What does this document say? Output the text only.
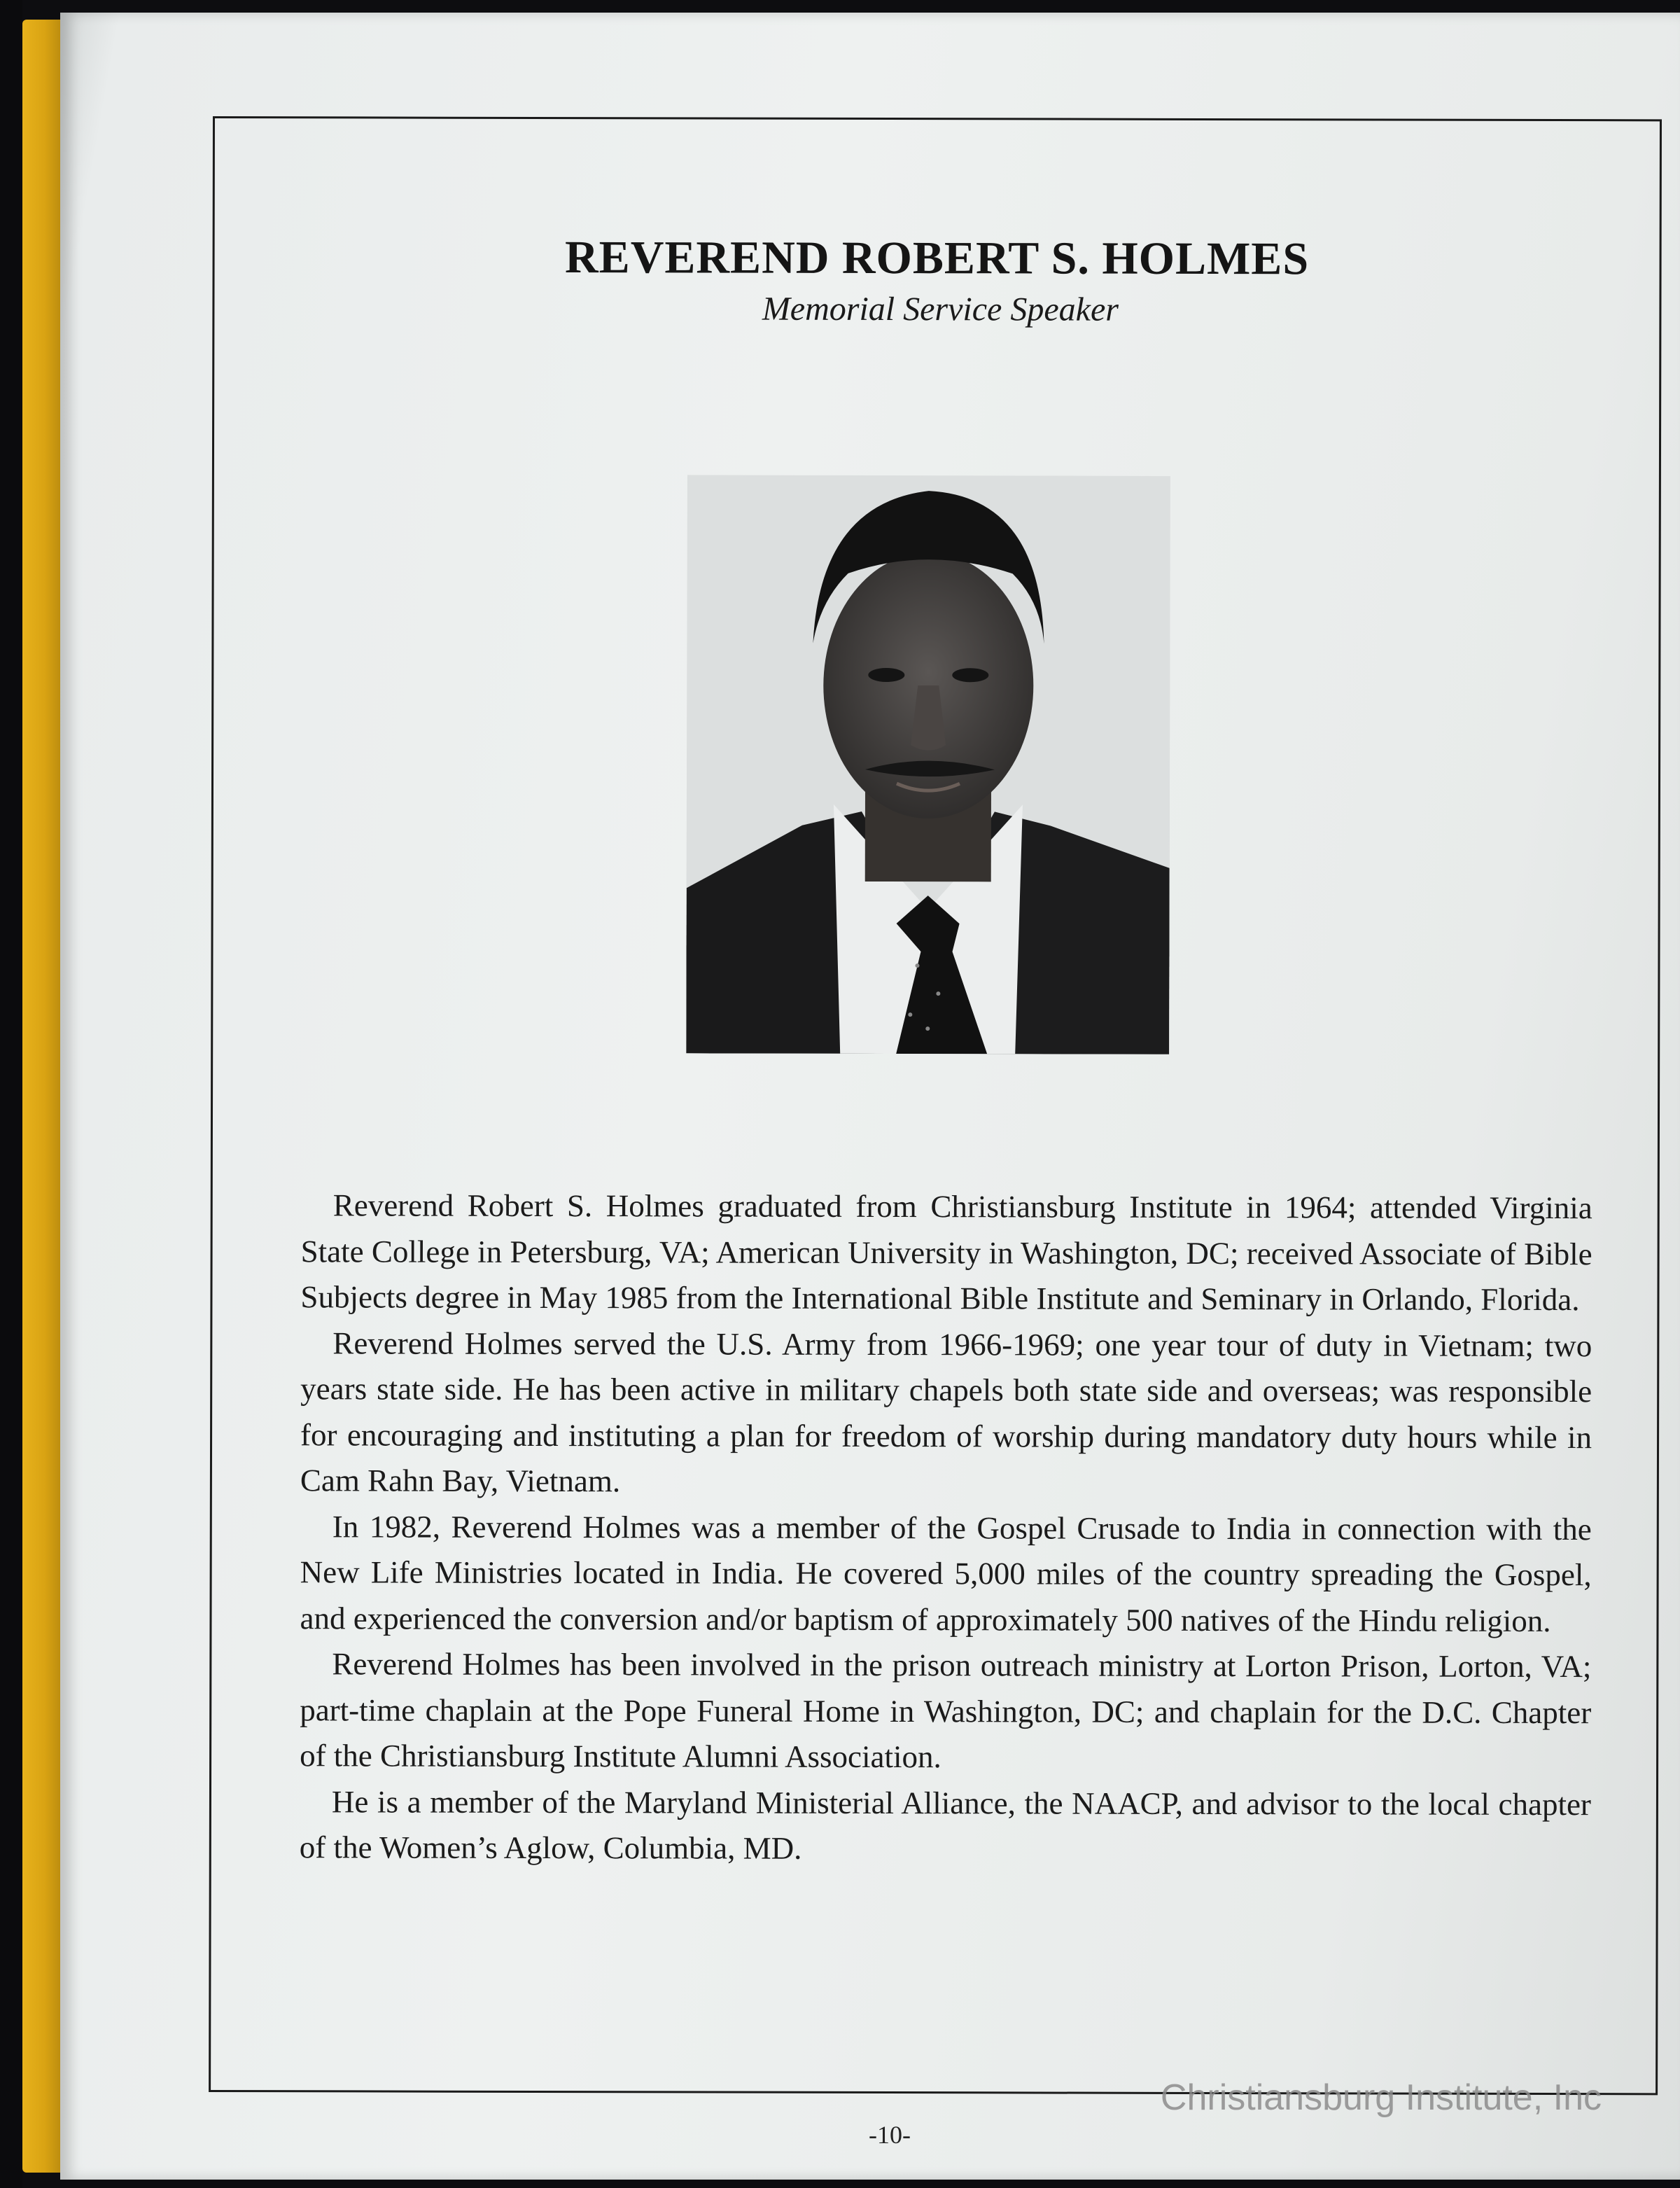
REVEREND ROBERT S. HOLMES
Memorial Service Speaker

Reverend Robert S. Holmes graduated from Christiansburg Institute in 1964; attended Virginia State College in Petersburg, VA; American University in Washington, DC; received Associate of Bible Subjects degree in May 1985 from the International Bible Institute and Seminary in Orlando, Florida.

Reverend Holmes served the U.S. Army from 1966-1969; one year tour of duty in Vietnam; two years state side. He has been active in military chapels both state side and overseas; was responsible for encouraging and instituting a plan for freedom of worship during mandatory duty hours while in Cam Rahn Bay, Vietnam.

In 1982, Reverend Holmes was a member of the Gospel Crusade to India in connection with the New Life Ministries located in India. He covered 5,000 miles of the country spreading the Gospel, and experienced the conversion and/or baptism of approximately 500 natives of the Hindu religion.

Reverend Holmes has been involved in the prison outreach ministry at Lorton Prison, Lorton, VA; part-time chaplain at the Pope Funeral Home in Washington, DC; and chaplain for the D.C. Chapter of the Christiansburg Institute Alumni Association.

He is a member of the Maryland Ministerial Alliance, the NAACP, and advisor to the local chapter of the Women’s Aglow, Columbia, MD.

-10-
Christiansburg Institute, Inc
